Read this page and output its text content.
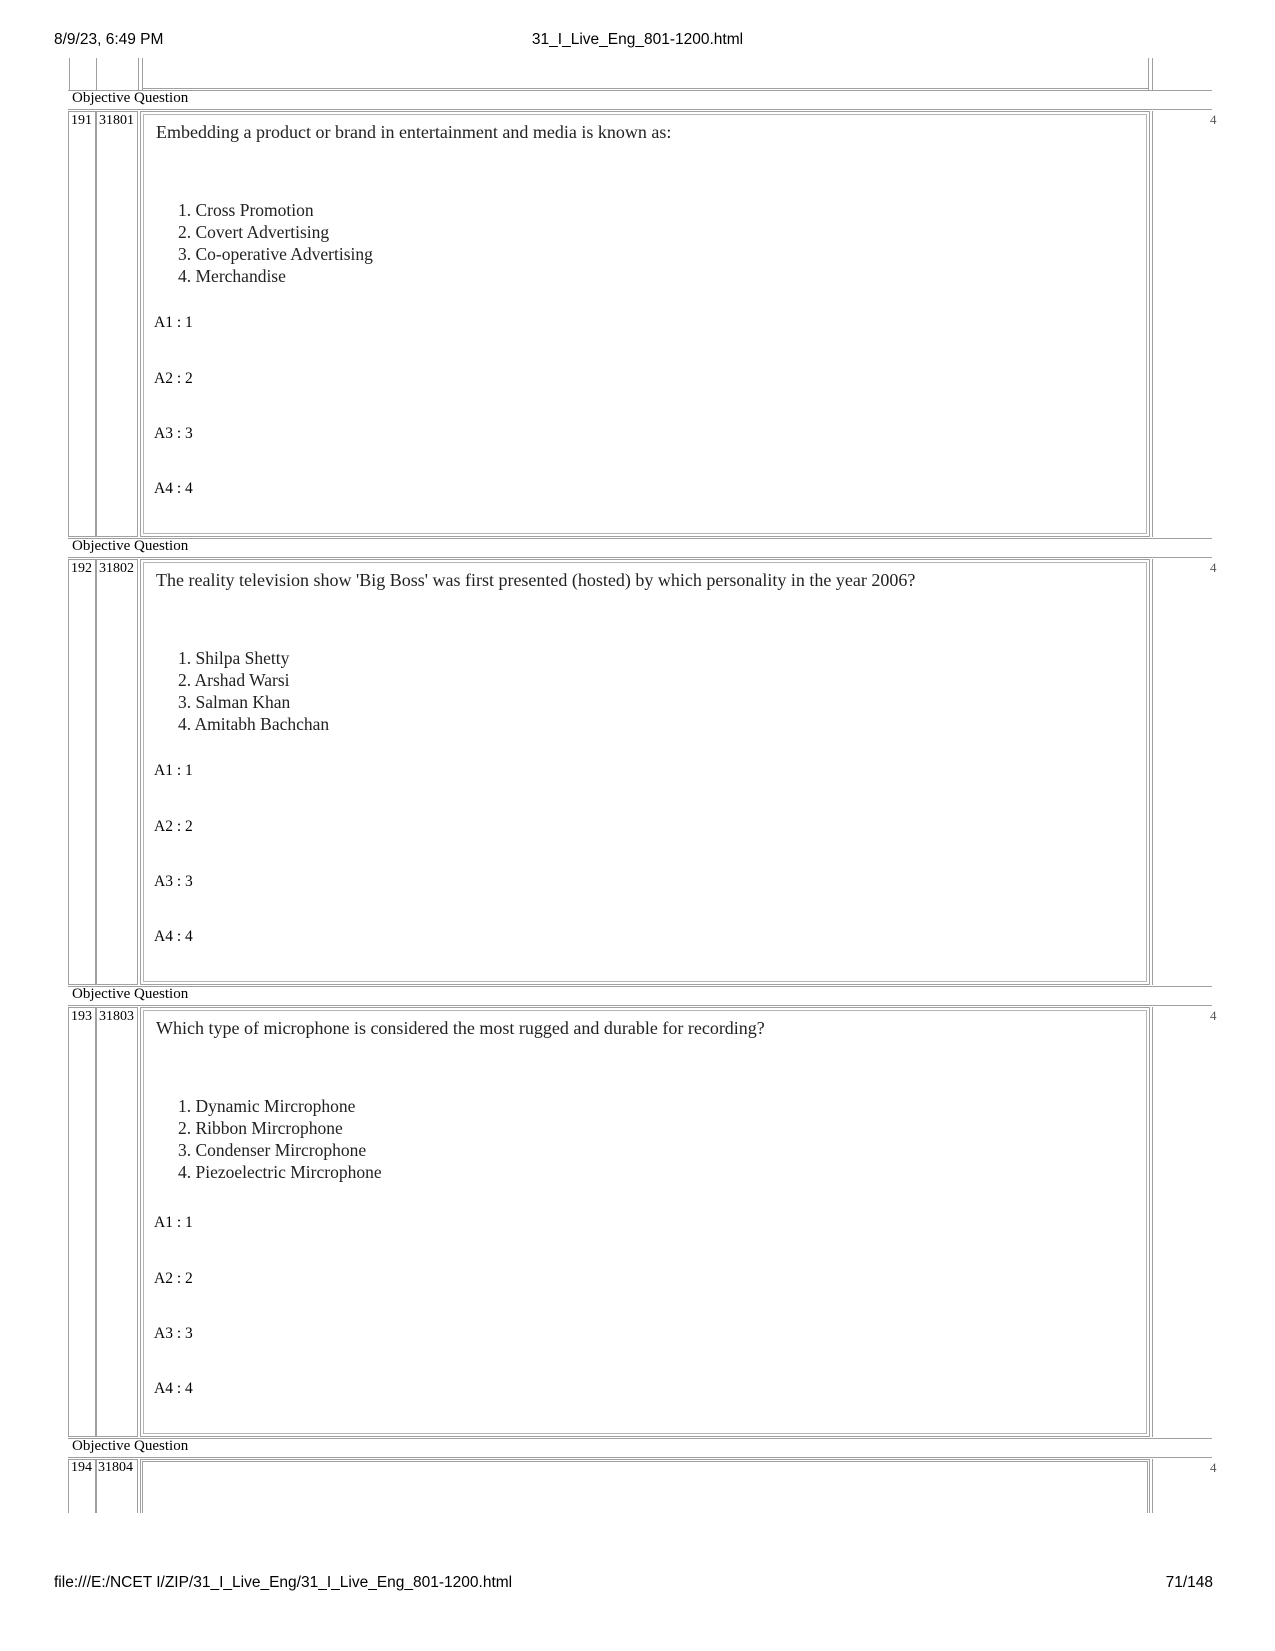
8/9/23, 6:49 PM	31_I_Live_Eng_801-1200.html
file:///E:/NCET I/ZIP/31_I_Live_Eng/31_I_Live_Eng_801-1200.html	71/148
Objective Question
Objective Question
Objective Question
Objective Question
191 31801	4
Embedding a product or brand in entertainment and media is known as:
1. Cross Promotion
2. Covert Advertising
3. Co-operative Advertising
4. Merchandise
A1 : 1
A2 : 2
A3 : 3
A4 : 4
192 31802	4
The reality television show 'Big Boss' was first presented (hosted) by which personality in the year 2006?
1. Shilpa Shetty
2. Arshad Warsi
3. Salman Khan
4. Amitabh Bachchan
A1 : 1
A2 : 2
A3 : 3
A4 : 4
193 31803	4
Which type of microphone is considered the most rugged and durable for recording?
1. Dynamic Mircrophone
2. Ribbon Mircrophone
3. Condenser Mircrophone
4. Piezoelectric Mircrophone
A1 : 1
A2 : 2
A3 : 3
A4 : 4
194 31804	4
